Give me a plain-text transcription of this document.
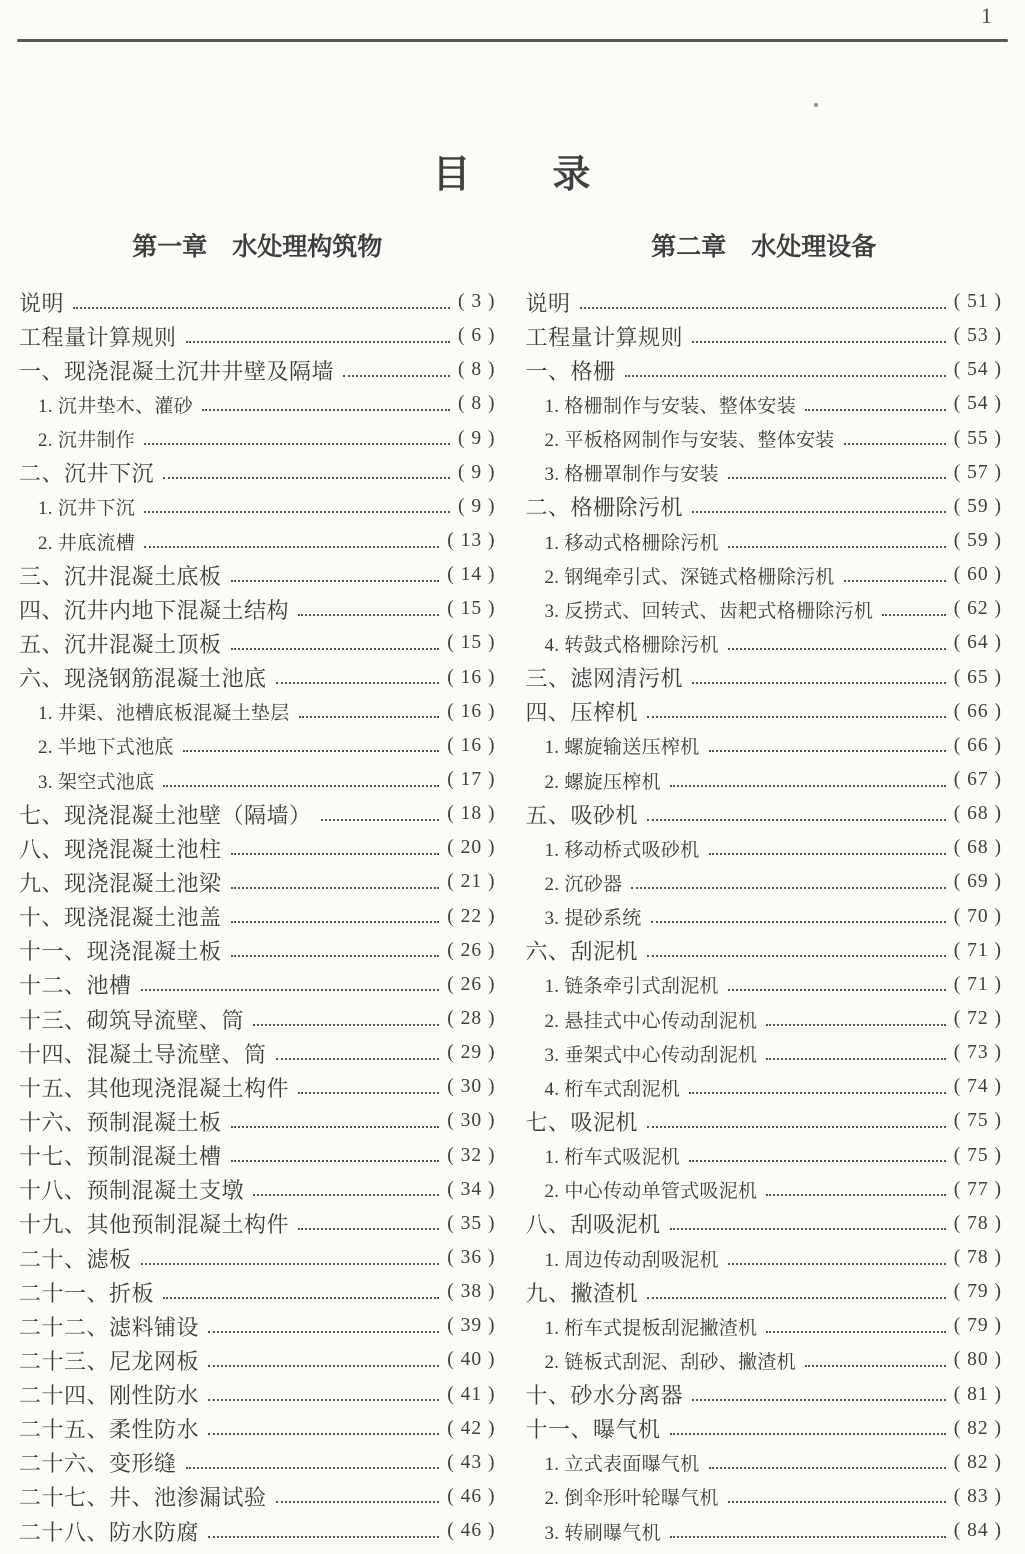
1
目　　录
第一章　水处理构筑物
说明	( 3 )
工程量计算规则	( 6 )
一、现浇混凝土沉井井壁及隔墙	( 8 )
1. 沉井垫木、灌砂	( 8 )
2. 沉井制作	( 9 )
二、沉井下沉	( 9 )
1. 沉井下沉	( 9 )
2. 井底流槽	( 13 )
三、沉井混凝土底板	( 14 )
四、沉井内地下混凝土结构	( 15 )
五、沉井混凝土顶板	( 15 )
六、现浇钢筋混凝土池底	( 16 )
1. 井渠、池槽底板混凝土垫层	( 16 )
2. 半地下式池底	( 16 )
3. 架空式池底	( 17 )
七、现浇混凝土池壁（隔墙）	( 18 )
八、现浇混凝土池柱	( 20 )
九、现浇混凝土池梁	( 21 )
十、现浇混凝土池盖	( 22 )
十一、现浇混凝土板	( 26 )
十二、池槽	( 26 )
十三、砌筑导流壁、筒	( 28 )
十四、混凝土导流壁、筒	( 29 )
十五、其他现浇混凝土构件	( 30 )
十六、预制混凝土板	( 30 )
十七、预制混凝土槽	( 32 )
十八、预制混凝土支墩	( 34 )
十九、其他预制混凝土构件	( 35 )
二十、滤板	( 36 )
二十一、折板	( 38 )
二十二、滤料铺设	( 39 )
二十三、尼龙网板	( 40 )
二十四、刚性防水	( 41 )
二十五、柔性防水	( 42 )
二十六、变形缝	( 43 )
二十七、井、池渗漏试验	( 46 )
二十八、防水防腐	( 46 )
第二章　水处理设备
说明	( 51 )
工程量计算规则	( 53 )
一、格栅	( 54 )
1. 格栅制作与安装、整体安装	( 54 )
2. 平板格网制作与安装、整体安装	( 55 )
3. 格栅罩制作与安装	( 57 )
二、格栅除污机	( 59 )
1. 移动式格栅除污机	( 59 )
2. 钢绳牵引式、深链式格栅除污机	( 60 )
3. 反捞式、回转式、齿耙式格栅除污机	( 62 )
4. 转鼓式格栅除污机	( 64 )
三、滤网清污机	( 65 )
四、压榨机	( 66 )
1. 螺旋输送压榨机	( 66 )
2. 螺旋压榨机	( 67 )
五、吸砂机	( 68 )
1. 移动桥式吸砂机	( 68 )
2. 沉砂器	( 69 )
3. 提砂系统	( 70 )
六、刮泥机	( 71 )
1. 链条牵引式刮泥机	( 71 )
2. 悬挂式中心传动刮泥机	( 72 )
3. 垂架式中心传动刮泥机	( 73 )
4. 桁车式刮泥机	( 74 )
七、吸泥机	( 75 )
1. 桁车式吸泥机	( 75 )
2. 中心传动单管式吸泥机	( 77 )
八、刮吸泥机	( 78 )
1. 周边传动刮吸泥机	( 78 )
九、撇渣机	( 79 )
1. 桁车式提板刮泥撇渣机	( 79 )
2. 链板式刮泥、刮砂、撇渣机	( 80 )
十、砂水分离器	( 81 )
十一、曝气机	( 82 )
1. 立式表面曝气机	( 82 )
2. 倒伞形叶轮曝气机	( 83 )
3. 转刷曝气机	( 84 )
